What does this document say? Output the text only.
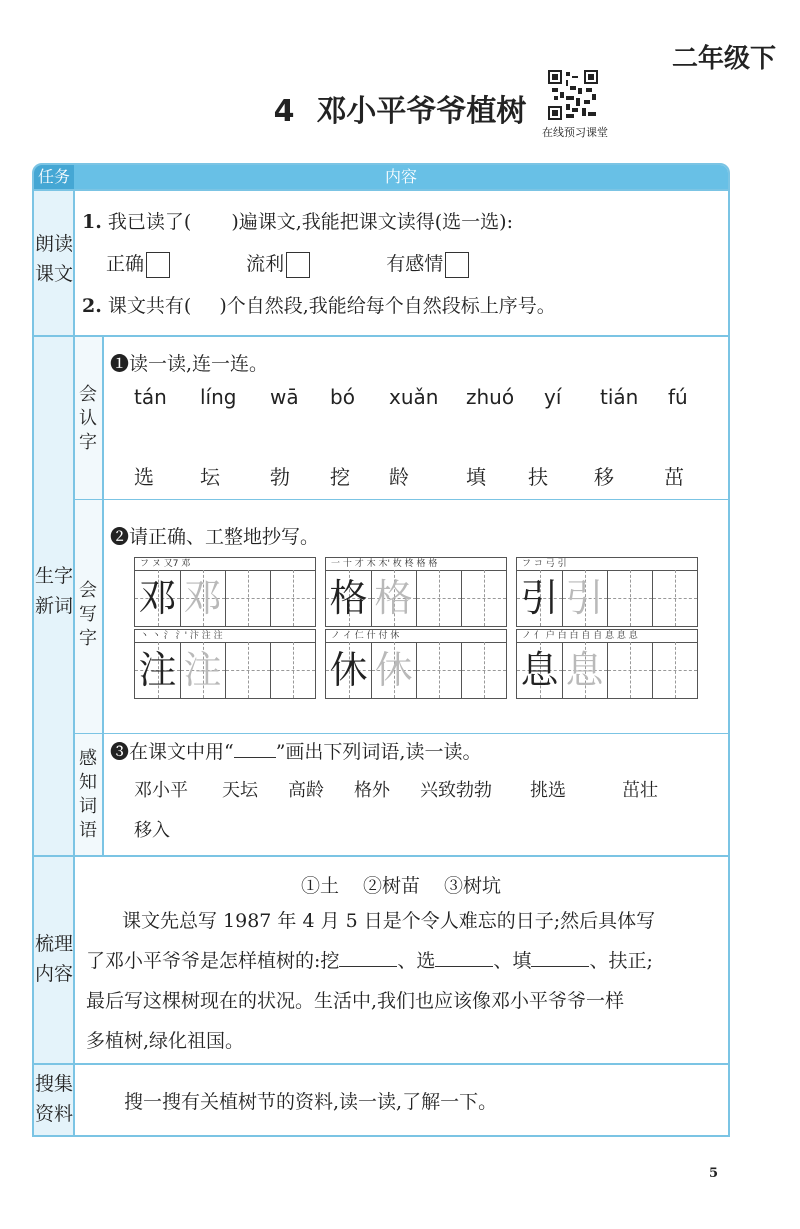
二年级下
4 邓小平爷爷植树
在线预习课堂
任务	内容
朗读
课文
1. 我已读了( )遍课文,我能把课文读得(选一选):
正确	流利	有感情
2. 课文共有( )个自然段,我能给每个自然段标上序号。
生字
新词
会
认
字
❶读一读,连一连。
tán líng wā bó xuǎn zhuó yí tián fú
选 坛	勃 挖 龄	填 扶 移	茁
会
写
字
❷请正确、工整地抄写。
フ ヌ 又7 邓
邓 邓
一 十 才 木 木' 枚 柊 格 格
格 格
フ コ 弓 引
引 引
丶 丶 氵 氵' 汴 注 注
注 注
ノ イ 仁 什 付 休
休 休
ノ 亻 户 白 白 自 自 息 息 息
息 息
感
知
词
语
❸在课文中用“ ”画出下列词语,读一读。
邓小平 天坛 高龄 格外 兴致勃勃 挑选	茁壮
移入
梳理
内容
①土 ②树苗 ③树坑
课文先总写 1987 年 4 月 5 日是个令人难忘的日子;然后具体写
了邓小平爷爷是怎样植树的:挖	、选	、填	、扶正;
最后写这棵树现在的状况。生活中,我们也应该像邓小平爷爷一样
多植树,绿化祖国。
搜集
资料
搜一搜有关植树节的资料,读一读,了解一下。
5
